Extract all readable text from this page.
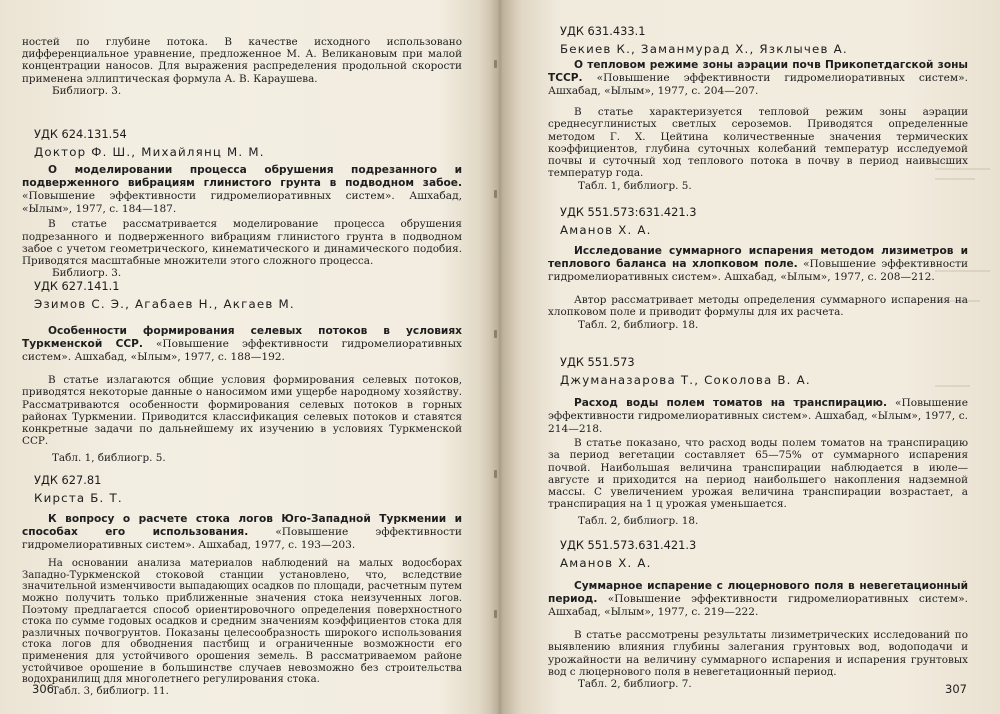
ностей по глубине потока. В качестве исходного использовано дифференциальное уравнение, предложенное М. А. Великановым при малой концентрации наносов. Для выражения распределения продольной скорости применена эллиптическая формула А. В. Караушева.

Библиогр. 3.

УДК 624.131.54
Доктор Ф. Ш., Михайлянц М. М.

О моделировании процесса обрушения подрезанного и подверженного вибрациям глинистого грунта в подводном забое. «Повышение эффективности гидромелиоративных систем». Ашхабад, «Ылым», 1977, с. 184—187.

В статье рассматривается моделирование процесса обрушения подрезанного и подверженного вибрациям глинистого грунта в подводном забое с учетом геометрического, кинематического и динамического подобия. Приводятся масштабные множители этого сложного процесса.

Библиогр. 3.

УДК 627.141.1
Эзимов С. Э., Агабаев Н., Акгаев М.

Особенности формирования селевых потоков в условиях Туркменской ССР. «Повышение эффективности гидромелиоративных систем». Ашхабад, «Ылым», 1977, с. 188—192.

В статье излагаются общие условия формирования селевых потоков, приводятся некоторые данные о наносимом ими ущербе народному хозяйству. Рассматриваются особенности формирования селевых потоков в горных районах Туркмении. Приводится классификация селевых потоков и ставятся конкретные задачи по дальнейшему их изучению в условиях Туркменской ССР.

Табл. 1, библиогр. 5.

УДК 627.81
Кирста Б. Т.

К вопросу о расчете стока логов Юго-Западной Туркмении и способах его использования.	«Повышение эффективности гидромелиоративных систем». Ашхабад, 1977, с. 193—203.

На основании анализа материалов наблюдений на малых водосборах Западно-Туркменской стоковой станции установлено, что, вследствие значительной изменчивости выпадающих осадков по площади, расчетным путем можно получить только приближенные значения стока неизученных логов. Поэтому предлагается способ ориентировочного определения поверхностного стока по сумме годовых осадков и средним значениям коэффициентов стока для различных почвогрунтов. Показаны целесообразность широкого использования стока логов для обводнения пастбищ и ограниченные возможности его применения для устойчивого орошения земель. В рассматриваемом районе устойчивое орошение в большинстве случаев невозможно без строительства водохранилищ для многолетнего регулирования стока.

Табл. 3, библиогр. 11.

306
УДК 631.433.1
Бекиев К., Заманмурад Х., Язклычев А.

О тепловом режиме зоны аэрации почв Прикопетдагской зоны ТССР. «Повышение эффективности гидромелиоративных систем». Ашхабад, «Ылым», 1977, с. 204—207.

В статье характеризуется тепловой режим зоны аэрации среднесуглинистых светлых сероземов. Приводятся определенные методом Г. Х. Цейтина количественные значения термических коэффициентов, глубина суточных колебаний температур исследуемой почвы и суточный ход теплового потока в почву в период наивысших температур года.

Табл. 1, библиогр. 5.

УДК 551.573:631.421.3
Аманов Х. А.

Исследование суммарного испарения методом лизиметров и теплового баланса на хлопковом поле. «Повышение эффективности гидромелиоративных систем». Ашхабад, «Ылым», 1977, с. 208—212.

Автор рассматривает методы определения суммарного испарения на хлопковом поле и приводит формулы для их расчета.

Табл. 2, библиогр. 18.

УДК 551.573
Джуманазарова Т., Соколова В. А.

Расход воды полем томатов на транспирацию. «Повышение эффективности гидромелиоративных систем». Ашхабад, «Ылым», 1977, с. 214—218.

В статье показано, что расход воды полем томатов на транспирацию за период вегетации составляет 65—75% от суммарного испарения почвой. Наибольшая величина транспирации наблюдается в июле—августе и приходится на период наибольшего накопления надземной массы. С увеличением урожая величина транспирации возрастает, а транспирация на 1 ц урожая уменьшается.

Табл. 2, библиогр. 18.

УДК 551.573.631.421.3
Аманов Х. А.

Суммарное испарение с люцернового поля в невегетационный период. «Повышение эффективности гидромелиоративных систем». Ашхабад, «Ылым», 1977, с. 219—222.

В статье рассмотрены результаты лизиметрических исследований по выявлению влияния глубины залегания грунтовых вод, водоподачи и урожайности на величину суммарного испарения и испарения грунтовых вод с люцернового поля в невегетационный период.

Табл. 2, библиогр. 7.	307
